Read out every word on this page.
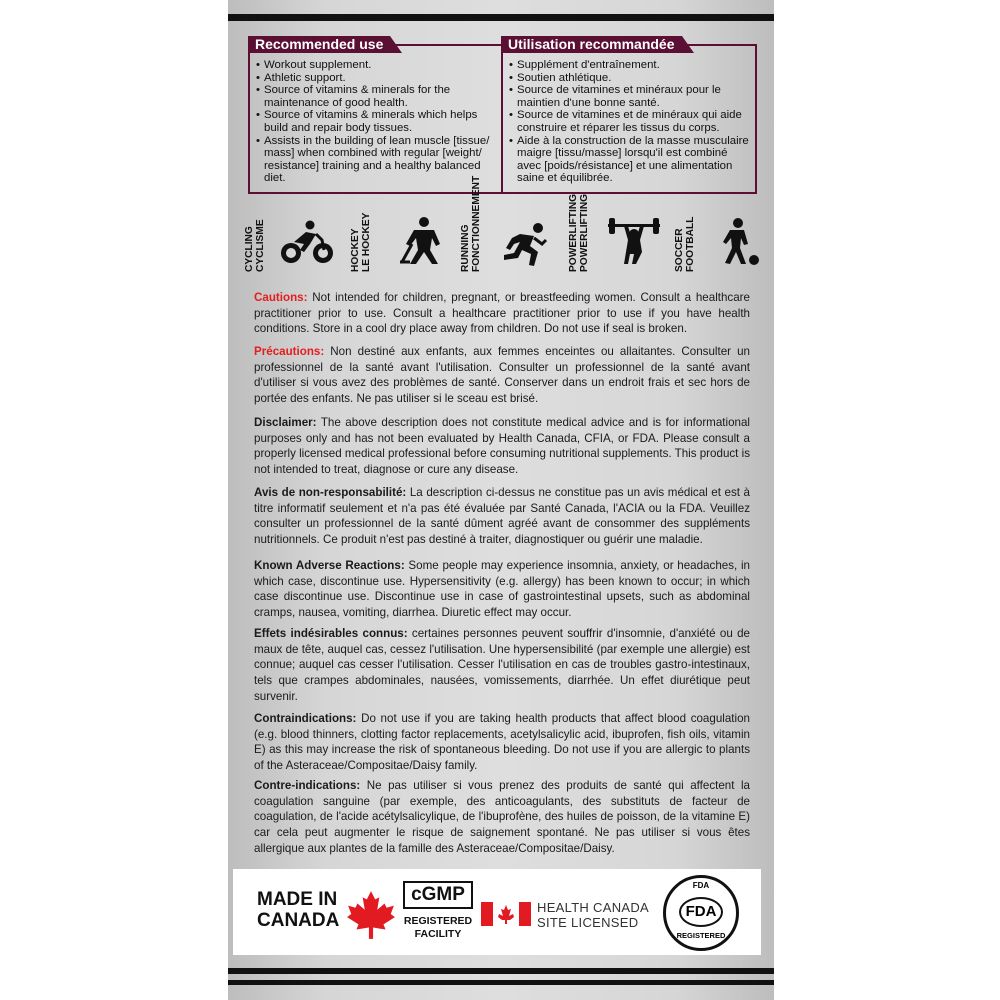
Recommended use
• Workout supplement.
• Athletic support.
• Source of vitamins & minerals for the maintenance of good health.
• Source of vitamins & minerals which helps build and repair body tissues.
• Assists in the building of lean muscle [tissue/ mass] when combined with regular [weight/ resistance] training and a healthy balanced diet.
Utilisation recommandée
• Supplément d'entraînement.
• Soutien athlétique.
• Source de vitamines et minéraux pour le maintien d'une bonne santé.
• Source de vitamines et de minéraux qui aide construire et réparer les tissus du corps.
• Aide à la construction de la masse musculaire maigre [tissu/masse] lorsqu'il est combiné avec [poids/résistance] et une alimentation saine et équilibrée.
CYCLING
CYCLISME	HOCKEY
LE HOCKEY	RUNNING
FONCTIONNEMENT	POWERLIFTING
POWERLIFTING	SOCCER
FOOTBALL

Cautions: Not intended for children, pregnant, or breastfeeding women. Consult a healthcare practitioner prior to use. Consult a healthcare practitioner prior to use if you have health conditions. Store in a cool dry place away from children. Do not use if seal is broken.

Précautions: Non destiné aux enfants, aux femmes enceintes ou allaitantes. Consulter un professionnel de la santé avant l'utilisation. Consulter un professionnel de la santé avant d'utiliser si vous avez des problèmes de santé. Conserver dans un endroit frais et sec hors de portée des enfants. Ne pas utiliser si le sceau est brisé.

Disclaimer: The above description does not constitute medical advice and is for informational purposes only and has not been evaluated by Health Canada, CFIA, or FDA. Please consult a properly licensed medical professional before consuming nutritional supplements. This product is not intended to treat, diagnose or cure any disease.

Avis de non-responsabilité: La description ci-dessus ne constitue pas un avis médical et est à titre informatif seulement et n'a pas été évaluée par Santé Canada, l'ACIA ou la FDA. Veuillez consulter un professionnel de la santé dûment agréé avant de consommer des suppléments nutritionnels. Ce produit n'est pas destiné à traiter, diagnostiquer ou guérir une maladie.

Known Adverse Reactions: Some people may experience insomnia, anxiety, or headaches, in which case, discontinue use. Hypersensitivity (e.g. allergy) has been known to occur; in which case discontinue use. Discontinue use in case of gastrointestinal upsets, such as abdominal cramps, nausea, vomiting, diarrhea. Diuretic effect may occur.

Effets indésirables connus: certaines personnes peuvent souffrir d'insomnie, d'anxiété ou de maux de tête, auquel cas, cessez l'utilisation. Une hypersensibilité (par exemple une allergie) est connue; auquel cas cesser l'utilisation. Cesser l'utilisation en cas de troubles gastro-intestinaux, tels que crampes abdominales, nausées, vomissements, diarrhée. Un effet diurétique peut survenir.

Contraindications: Do not use if you are taking health products that affect blood coagulation (e.g. blood thinners, clotting factor replacements, acetylsalicylic acid, ibuprofen, fish oils, vitamin E) as this may increase the risk of spontaneous bleeding. Do not use if you are allergic to plants of the Asteraceae/Compositae/Daisy family.

Contre-indications: Ne pas utiliser si vous prenez des produits de santé qui affectent la coagulation sanguine (par exemple, des anticoagulants, des substituts de facteur de coagulation, de l'acide acétylsalicylique, de l'ibuprofène, des huiles de poisson, de la vitamine E) car cela peut augmenter le risque de saignement spontané. Ne pas utiliser si vous êtes allergique aux plantes de la famille des Asteraceae/Compositae/Daisy.

MADE IN
CANADA
cGMP
REGISTERED
FACILITY
HEALTH CANADA
SITE LICENSED
FDA
FDA
REGISTERED
